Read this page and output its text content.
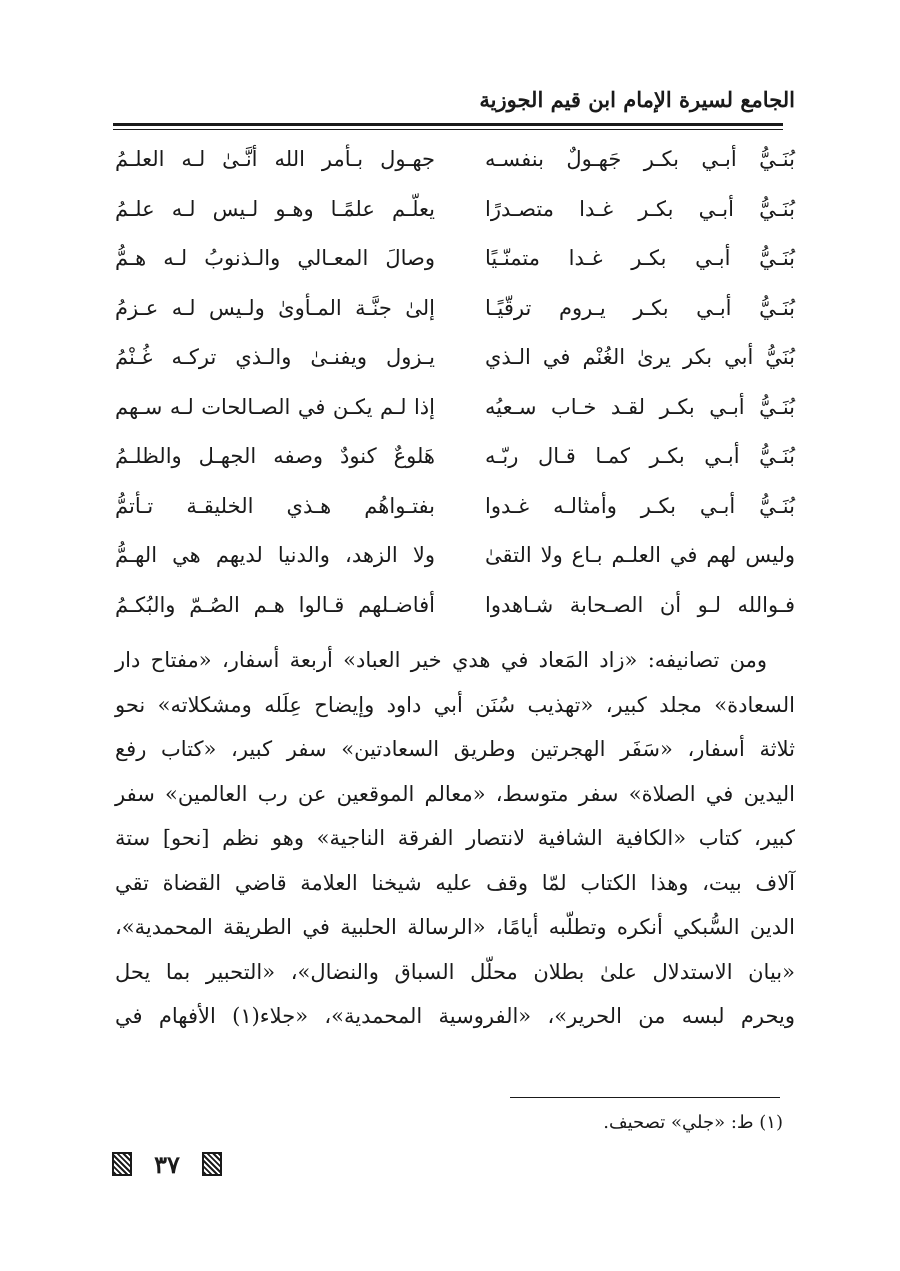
الجامع لسيرة الإمام ابن قيم الجوزية
بُنَـيُّ أبـي بكـر جَهـولٌ بنفسـه
جهـول بـأمر الله أنَّـىٰ لـه العلـمُ
بُنَـيُّ أبـي بكـر غـدا متصـدرًا
يعلّـم علمًـا وهـو لـيس لـه علـمُ
بُنَـيُّ أبـي بكـر غـدا متمنّـيًا
وصالَ المعـالي والـذنوبُ لـه هـمُّ
بُنَـيُّ أبـي بكـر يـروم ترقّيًـا
إلىٰ جنَّـة المـأوىٰ ولـيس لـه عـزمُ
بُنَيُّ أبي بكر يرىٰ الغُنْم في الـذي
يـزول ويفنـىٰ والـذي تركـه غُـنْمُ
بُنَـيُّ أبـي بكـر لقـد خـاب سـعيُه
إذا لـم يكـن في الصـالحات لـه سـهم
بُنَـيُّ أبـي بكـر كمـا قـال ربّـه
هَلوعٌ كنودٌ وصفه الجهـل والظلـمُ
بُنَـيُّ أبـي بكـر وأمثالـه غـدوا
بفتـواهُم هـذي الخليقـة تـأتمُّ
وليس لهم في العلـم بـاع ولا التقىٰ
ولا الزهد، والدنيا لديهم هي الهـمُّ
فـوالله لـو أن الصـحابة شـاهدوا
أفاضـلهم قـالوا هـم الصُـمّ والبُكـمُ
ومن تصانيفه: «زاد المَعاد في هدي خير العباد» أربعة أسفار، «مفتاح دار
السعادة» مجلد كبير، «تهذيب سُنَن أبي داود وإيضاح عِلَله ومشكلاته» نحو
ثلاثة أسفار، «سَفَر الهجرتين وطريق السعادتين» سفر كبير، «كتاب رفع
اليدين في الصلاة» سفر متوسط، «معالم الموقعين عن رب العالمين» سفر
كبير، كتاب «الكافية الشافية لانتصار الفرقة الناجية» وهو نظم [نحو] ستة
آلاف بيت، وهذا الكتاب لمّا وقف عليه شيخنا العلامة قاضي القضاة تقي
الدين السُّبكي أنكره وتطلّبه أيامًا، «الرسالة الحلبية في الطريقة المحمدية»،
«بيان الاستدلال علىٰ بطلان محلّل السباق والنضال»، «التحبير بما يحل
ويحرم لبسه من الحرير»، «الفروسية المحمدية»، «جلاء(١) الأفهام في
(١) ط: «جلي» تصحيف.
٣٧
